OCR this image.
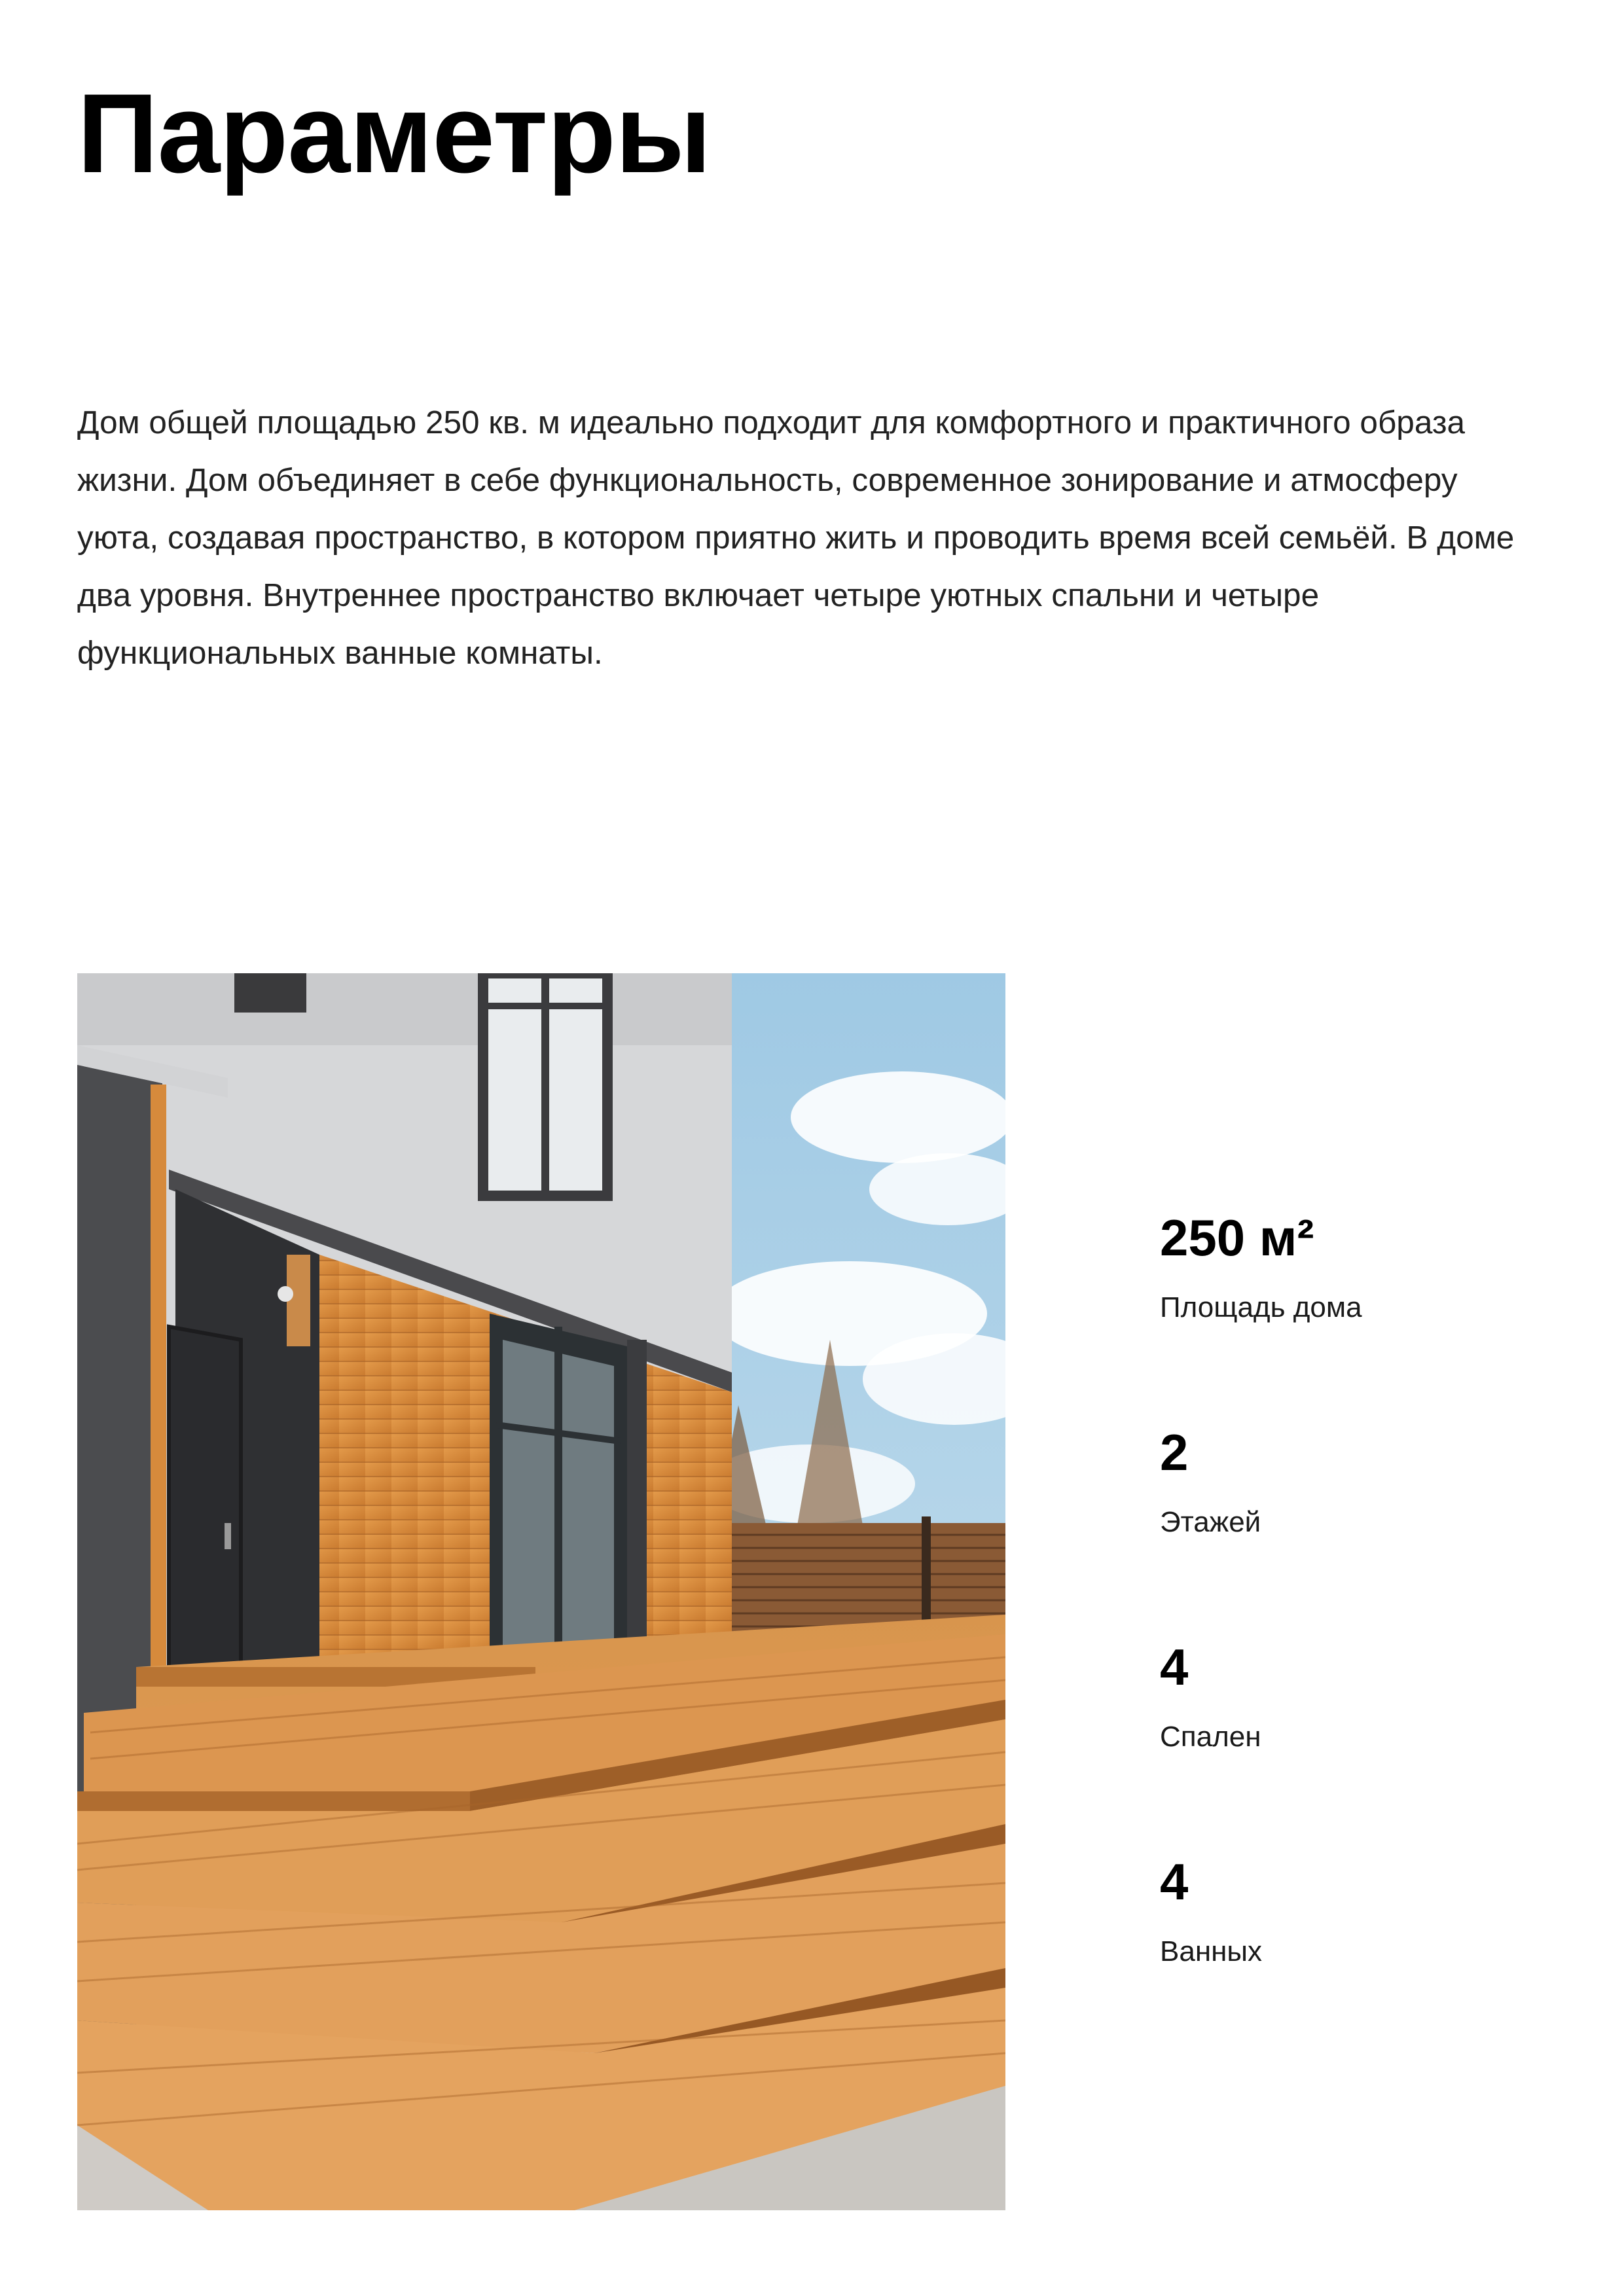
Параметры

Дом общей площадью 250 кв. м идеально подходит для комфортного и практичного образа жизни. Дом объединяет в себе функциональность, современное зонирование и атмосферу уюта, создавая пространство, в котором приятно жить и проводить время всей семьёй. В доме два уровня. Внутреннее пространство включает четыре уютных спальни и четыре функциональных ванные комнаты.

250 м²
Площадь дома
2
Этажей
4
Спален
4
Ванных
